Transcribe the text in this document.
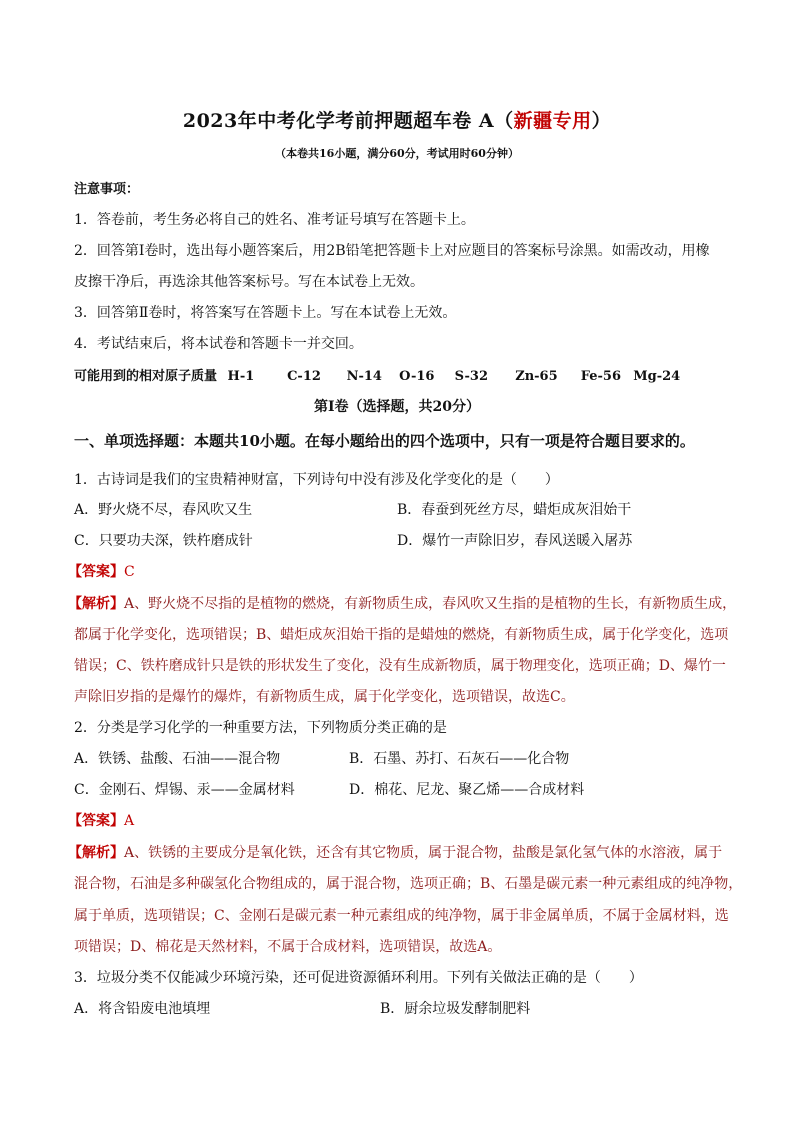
2023年中考化学考前押题超车卷 A（新疆专用）
（本卷共16小题，满分60分，考试用时60分钟）
注意事项：
1．答卷前，考生务必将自己的姓名、准考证号填写在答题卡上。
2．回答第Ⅰ卷时，选出每小题答案后，用2B铅笔把答题卡上对应题目的答案标号涂黑。如需改动，用橡
皮擦干净后，再选涂其他答案标号。写在本试卷上无效。
3．回答第Ⅱ卷时，将答案写在答题卡上。写在本试卷上无效。
4．考试结束后，将本试卷和答题卡一并交回。
可能用到的相对原子质量 H-1	C-12 N-14 O-16 S-32 Zn-65 Fe-56 Mg-24
第Ⅰ卷（选择题，共20分）
一、单项选择题：本题共10小题。在每小题给出的四个选项中，只有一项是符合题目要求的。
1．古诗词是我们的宝贵精神财富，下列诗句中没有涉及化学变化的是（　　）
A．野火烧不尽，春风吹又生	B．春蚕到死丝方尽，蜡炬成灰泪始干
C．只要功夫深，铁杵磨成针	D．爆竹一声除旧岁，春风送暖入屠苏
【答案】C
【解析】A、野火烧不尽指的是植物的燃烧，有新物质生成，春风吹又生指的是植物的生长，有新物质生成，
都属于化学变化，选项错误；B、蜡炬成灰泪始干指的是蜡烛的燃烧，有新物质生成，属于化学变化，选项
错误；C、铁杵磨成针只是铁的形状发生了变化，没有生成新物质，属于物理变化，选项正确；D、爆竹一
声除旧岁指的是爆竹的爆炸，有新物质生成，属于化学变化，选项错误，故选C。
2．分类是学习化学的一种重要方法，下列物质分类正确的是
A．铁锈、盐酸、石油——混合物	B．石墨、苏打、石灰石——化合物
C．金刚石、焊锡、汞——金属材料	D．棉花、尼龙、聚乙烯——合成材料
【答案】A
【解析】A、铁锈的主要成分是氧化铁，还含有其它物质，属于混合物，盐酸是氯化氢气体的水溶液，属于
混合物，石油是多种碳氢化合物组成的，属于混合物，选项正确；B、石墨是碳元素一种元素组成的纯净物，
属于单质，选项错误；C、金刚石是碳元素一种元素组成的纯净物，属于非金属单质，不属于金属材料，选
项错误；D、棉花是天然材料，不属于合成材料，选项错误，故选A。
3．垃圾分类不仅能减少环境污染，还可促进资源循环利用。下列有关做法正确的是（　　）
A．将含铅废电池填埋	B．厨余垃圾发酵制肥料
